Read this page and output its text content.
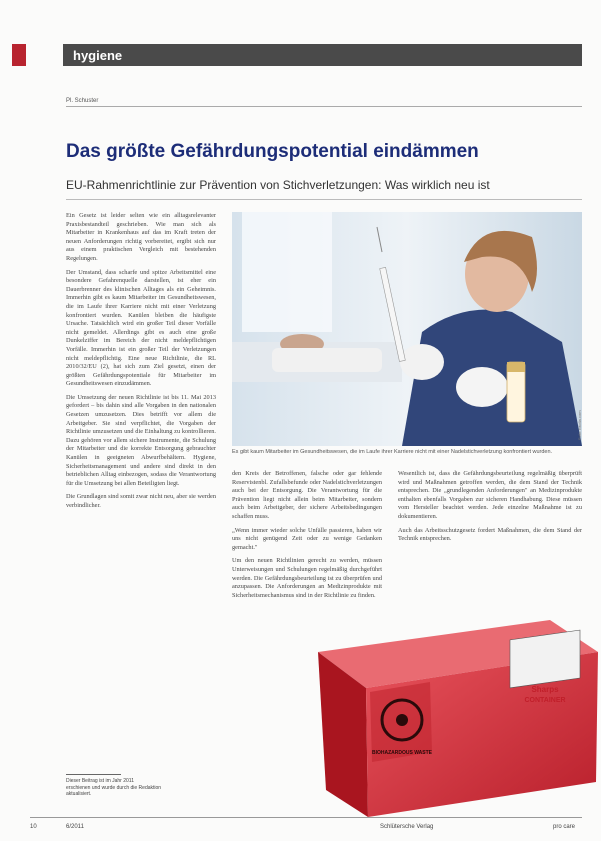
hygiene
Pl. Schuster
Das größte Gefährdungspotential eindämmen
EU-Rahmenrichtlinie zur Prävention von Stichverletzungen: Was wirklich neu ist

Ein Gesetz ist leider selten wie ein alltagsrelevanter Praxisbestandteil geschrieben. Wie man sich als Mitarbeiter in Krankenhaus auf das im Kraft treten der neuen Anforderungen richtig vorbereitet, ergibt sich nur aus einem praktischen Vergleich mit bestehenden Regelungen.

Der Umstand, dass scharfe und spitze Arbeitsmittel eine besondere Gefahrenquelle darstellen, ist eher ein Dauerbrenner des klinischen Alltages als ein Geheimnis. Immerhin gibt es kaum Mitarbeiter im Gesundheitswesen, die im Laufe ihrer Karriere nicht mit einer Verletzung konfrontiert wurden. Kanülen bleiben die häufigste Ursache. Tatsächlich wird ein großer Teil dieser Vorfälle nicht gemeldet. Allerdings gibt es auch eine große Dunkelziffer im Bereich der nicht meldepflichtigen Vorfälle. Immerhin ist ein großer Teil der Verletzungen nicht meldepflichtig. Eine neue Richtlinie, die RL 2010/32/EU (2), hat sich zum Ziel gesetzt, einen der größten Gefährdungspotentiale für Mitarbeiter im Gesundheitswesen einzudämmen.

Die Umsetzung der neuen Richtlinie ist bis 11. Mai 2013 gefordert – bis dahin sind alle Vorgaben in den nationalen Gesetzen umzusetzen. Dies betrifft vor allem die Arbeitgeber. Sie sind verpflichtet, die Vorgaben der Richtlinie umzusetzen und die Einhaltung zu kontrollieren. Dazu gehören vor allem sichere Instrumente, die Schulung der Mitarbeiter und die korrekte Entsorgung gebrauchter Kanülen in geeigneten Abwurfbehältern. Hygiene, Sicherheitsmanagement und andere sind direkt in den betrieblichen Alltag einbezogen, sodass die Verantwortung für die Umsetzung bei allen Beteiligten liegt.

Die Grundlagen sind somit zwar nicht neu, aber sie werden verbindlicher.

Foto: fotolia.com
Es gibt kaum Mitarbeiter im Gesundheitswesen, die im Laufe ihrer Karriere nicht mit einer Nadelstichverletzung konfrontiert wurden.

den Kreis der Betroffenen, falsche oder gar fehlende Reservistenbl. Zufallsbefunde oder Nadelstichverletzungen auch bei der Entsorgung. Die Verantwortung für die Prävention liegt nicht allein beim Mitarbeiter, sondern auch beim Arbeitgeber, der sichere Arbeitsbedingungen schaffen muss.

„Wenn immer wieder solche Unfälle passieren, haben wir uns nicht genügend Zeit oder zu wenige Gedanken gemacht."

Um den neuen Richtlinien gerecht zu werden, müssen Unterweisungen und Schulungen regelmäßig durchgeführt werden. Die Gefährdungsbeurteilung ist zu überprüfen und anzupassen. Die Anforderungen an Medizinprodukte mit Sicherheitsmechanismus sind in der Richtlinie zu finden.

Wesentlich ist, dass die Gefährdungsbeurteilung regelmäßig überprüft wird und Maßnahmen getroffen werden, die dem Stand der Technik entsprechen. Die „grundlegenden Anforderungen" an Medizinprodukte enthalten ebenfalls Vorgaben zur sicheren Handhabung. Diese müssen vom Hersteller beachtet werden. Jede einzelne Maßnahme ist zu dokumentieren.

Auch das Arbeitsschutzgesetz fordert Maßnahmen, die dem Stand der Technik entsprechen.

Sharps
CONTAINER
BIOHAZARDOUS WASTE
Dieser Beitrag ist im Jahr 2011
erschienen und wurde durch die Redaktion
aktualisiert.
10	6/2011	Schlütersche Verlag	pro care
